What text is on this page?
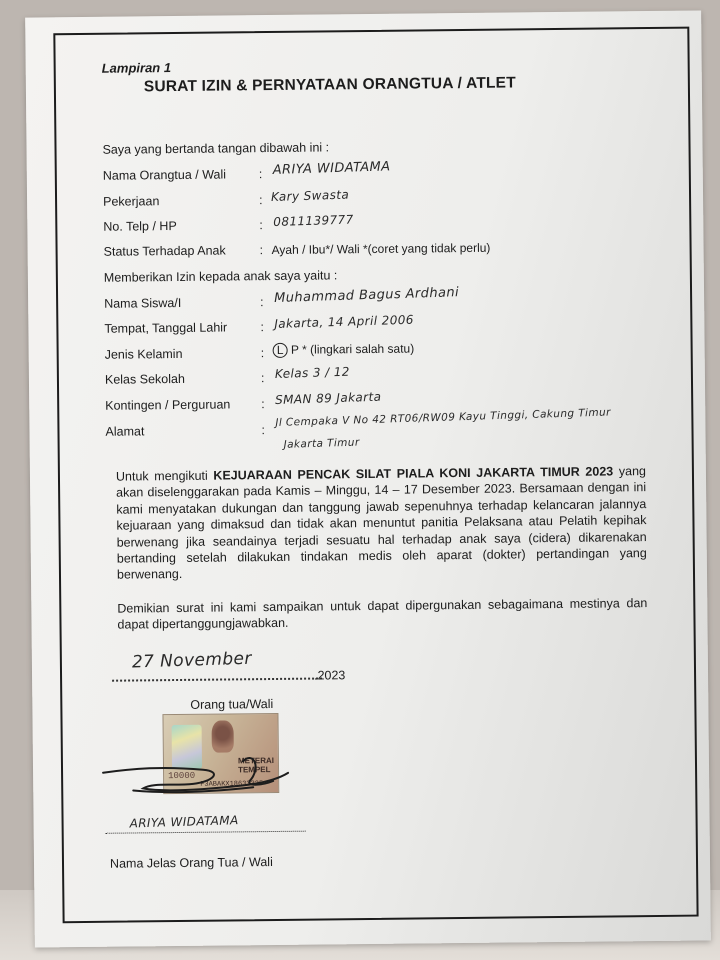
Lampiran 1
SURAT IZIN & PERNYATAAN ORANGTUA / ATLET
Saya yang bertanda tangan dibawah ini :
Nama Orangtua / Wali	: ARIYA WIDATAMA
Pekerjaan	: Kary Swasta
No. Telp / HP	: 0811139777
Status Terhadap Anak	: Ayah / Ibu*/ Wali *(coret yang tidak perlu)
Memberikan Izin kepada anak saya yaitu :
Nama Siswa/I	: Muhammad Bagus Ardhani
Tempat, Tanggal Lahir	: Jakarta, 14 April 2006
Jenis Kelamin	:	L P * (lingkari salah satu)
Kelas Sekolah	: Kelas 3 / 12
Kontingen / Perguruan : SMAN 89 Jakarta
Alamat	:
Jl Cempaka V No 42 RT06/RW09 Kayu Tinggi, Cakung Timur
Jakarta Timur

Untuk mengikuti KEJUARAAN PENCAK SILAT PIALA KONI JAKARTA TIMUR 2023 yang akan diselenggarakan pada Kamis – Minggu, 14 – 17 Desember 2023. Bersamaan dengan ini kami menyatakan dukungan dan tanggung jawab sepenuhnya terhadap kelancaran jalannya kejuaraan yang dimaksud dan tidak akan menuntut panitia Pelaksana atau Pelatih kepihak berwenang jika seandainya terjadi sesuatu hal terhadap anak saya (cidera) dikarenakan bertanding setelah dilakukan tindakan medis oleh aparat (dokter) pertandingan yang berwenang.

Demikian surat ini kami sampaikan untuk dapat dipergunakan sebagaimana mestinya dan dapat dipertanggungjawabkan.

27 November
.2023
Orang tua/Wali
10000
METERAI
TEMPEL
F3ABAKX18633335
ARIYA WIDATAMA
Nama Jelas Orang Tua / Wali
